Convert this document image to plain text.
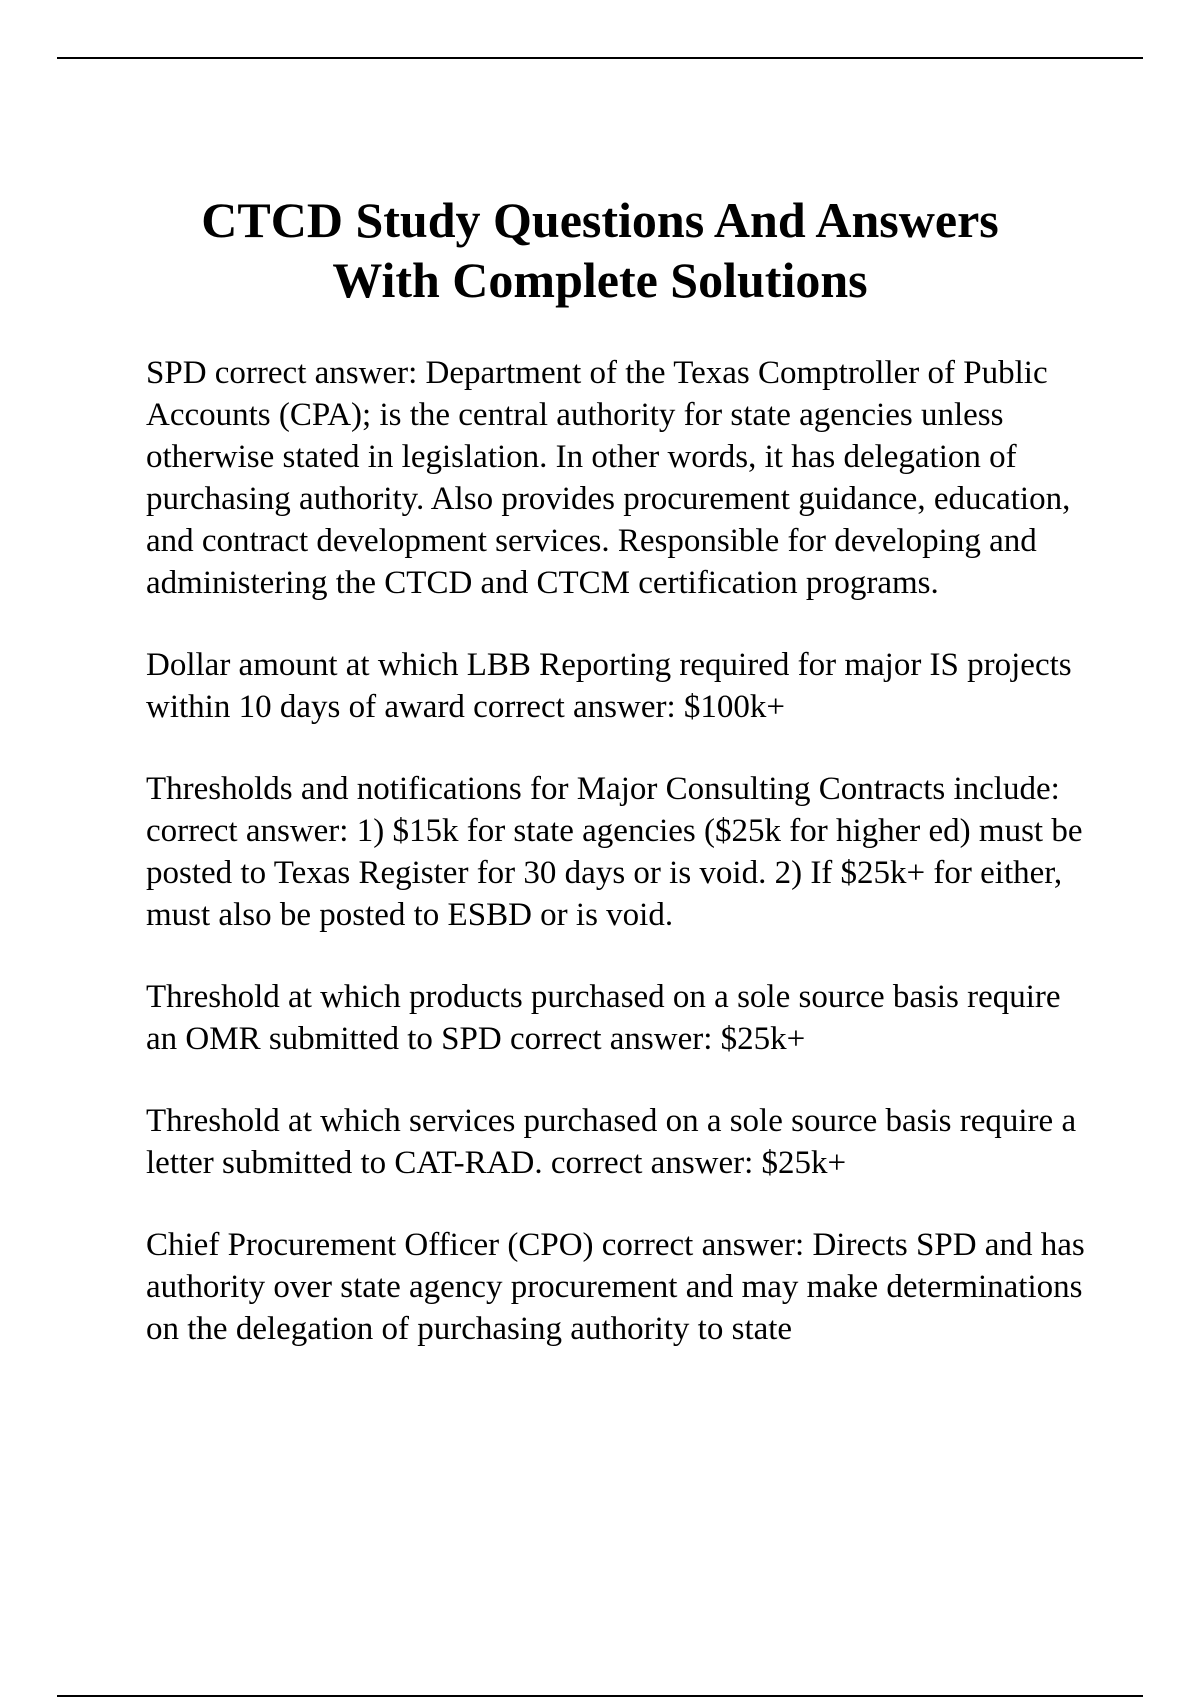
CTCD Study Questions And Answers
With Complete Solutions

SPD correct answer: Department of the Texas Comptroller of Public Accounts (CPA); is the central authority for state agencies unless otherwise stated in legislation. In other words, it has delegation of purchasing authority. Also provides procurement guidance, education, and contract development services. Responsible for developing and administering the CTCD and CTCM certification programs.

Dollar amount at which LBB Reporting required for major IS projects within 10 days of award correct answer: $100k+

Thresholds and notifications for Major Consulting Contracts include: correct answer: 1) $15k for state agencies ($25k for higher ed) must be posted to Texas Register for 30 days or is void. 2) If $25k+ for either, must also be posted to ESBD or is void.

Threshold at which products purchased on a sole source basis require an OMR submitted to SPD correct answer: $25k+

Threshold at which services purchased on a sole source basis require a letter submitted to CAT-RAD. correct answer: $25k+

Chief Procurement Officer (CPO) correct answer: Directs SPD and has authority over state agency procurement and may make determinations on the delegation of purchasing authority to state
